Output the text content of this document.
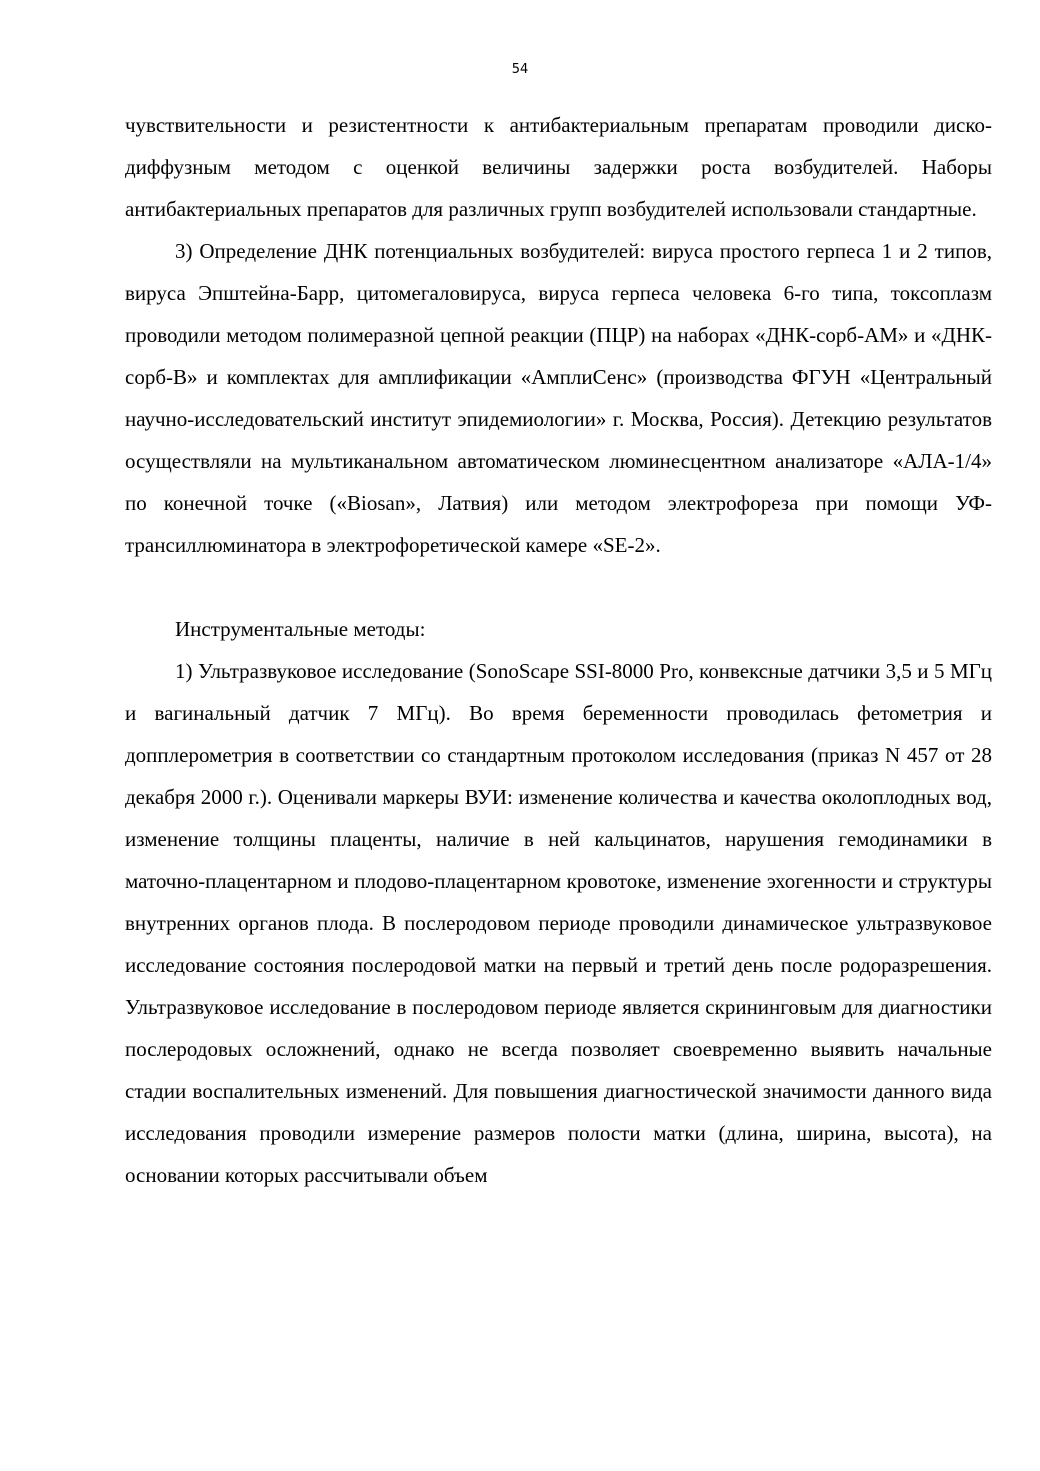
54

чувствительности и резистентности к антибактериальным препаратам проводили диско-диффузным методом с оценкой величины задержки роста возбудителей. Наборы антибактериальных препаратов для различных групп возбудителей использовали стандартные.

3) Определение ДНК потенциальных возбудителей: вируса простого герпеса 1 и 2 типов, вируса Эпштейна-Барр, цитомегаловируса, вируса герпеса человека 6-го типа, токсоплазм проводили методом полимеразной цепной реакции (ПЦР) на наборах «ДНК-сорб-АМ» и «ДНК-сорб-В» и комплектах для амплификации «АмплиСенс» (производства ФГУН «Центральный научно-исследовательский институт эпидемиологии» г. Москва, Россия). Детекцию результатов осуществляли на мультиканальном автоматическом люминесцентном анализаторе «АЛА-1/4» по конечной точке («Biosan», Латвия) или методом электрофореза при помощи УФ-трансиллюминатора в электрофоретической камере «SE-2».

Инструментальные методы:

1) Ультразвуковое исследование (SonoScape SSI-8000 Pro, конвексные датчики 3,5 и 5 МГц и вагинальный датчик 7 МГц). Во время беременности проводилась фетометрия и допплерометрия в соответствии со стандартным протоколом исследования (приказ N 457 от 28 декабря 2000 г.). Оценивали маркеры ВУИ: изменение количества и качества околоплодных вод, изменение толщины плаценты, наличие в ней кальцинатов, нарушения гемодинамики в маточно-плацентарном и плодово-плацентарном кровотоке, изменение эхогенности и структуры внутренних органов плода. В послеродовом периоде проводили динамическое ультразвуковое исследование состояния послеродовой матки на первый и третий день после родоразрешения. Ультразвуковое исследование в послеродовом периоде является скрининговым для диагностики послеродовых осложнений, однако не всегда позволяет своевременно выявить начальные стадии воспалительных изменений. Для повышения диагностической значимости данного вида исследования проводили измерение размеров полости матки (длина, ширина, высота), на основании которых рассчитывали объем
